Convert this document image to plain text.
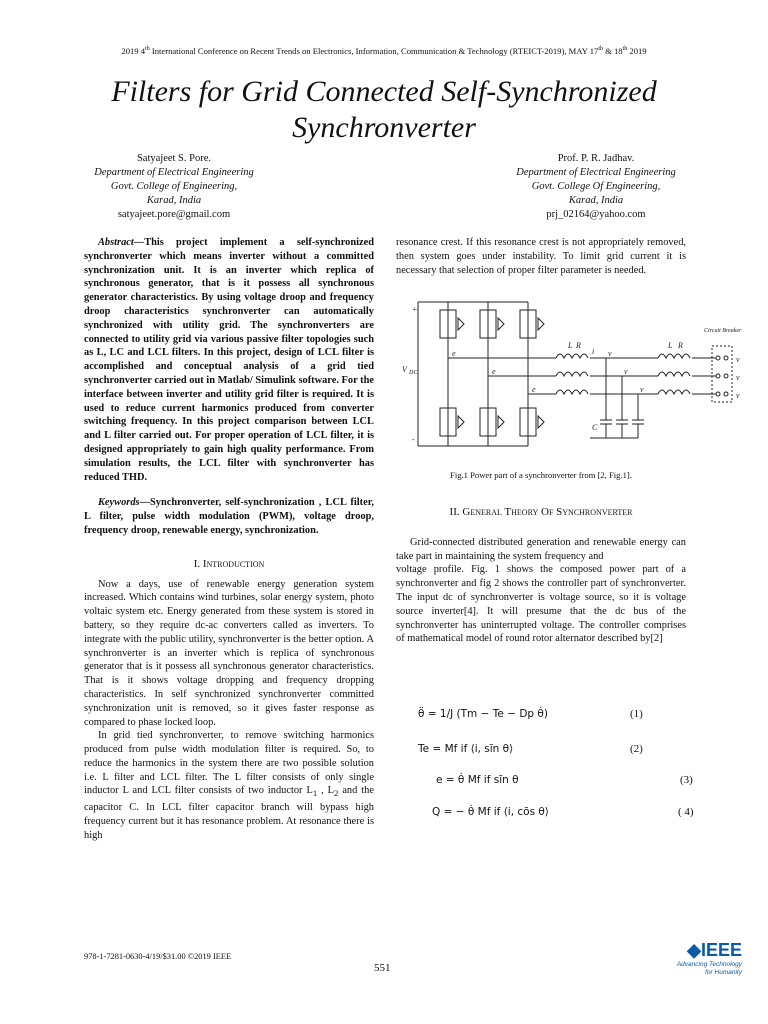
2019 4th International Conference on Recent Trends on Electronics, Information, Communication & Technology (RTEICT-2019), MAY 17th & 18th 2019
Filters for Grid Connected Self-Synchronized
Synchronverter
Satyajeet S. Pore.
Department of Electrical Engineering
Govt. College of Engineering,
Karad, India
satyajeet.pore@gmail.com
Prof. P. R. Jadhav.
Department of Electrical Engineering
Govt. College Of Engineering,
Karad, India
prj_02164@yahoo.com

Abstract—This project implement a self-synchronized synchronverter which means inverter without a committed synchronization unit. It is an inverter which replica of synchronous generator, that is it possess all synchronous generator characteristics. By using voltage droop and frequency droop characteristics synchronverter can automatically synchronized with utility grid. The synchronverters are connected to utility grid via various passive filter topologies such as L, LC and LCL filters. In this project, design of LCL filter is accomplished and conceptual analysis of a grid tied synchronverter carried out in Matlab/ Simulink software. For the interface between inverter and utility grid filter is required. It is used to reduce current harmonics produced from converter switching frequency. In this project comparison between LCL and L filter carried out. For proper operation of LCL filter, it is designed appropriately to gain high quality performance. From simulation results, the LCL filter with synchronverter has reduced THD.

Keywords—Synchronverter, self-synchronization , LCL filter, L filter, pulse width modulation (PWM), voltage droop, frequency droop, renewable energy, synchronization.

I. Introduction

Now a days, use of renewable energy generation system increased. Which contains wind turbines, solar energy system, photo voltaic system etc. Energy generated from these system is stored in battery, so they require dc-ac converters called as inverters. To integrate with the public utility, synchronverter is the better option. A synchronverter is an inverter which is replica of synchronous generator that is it possess all synchronous generator characteristics. That is it shows voltage dropping and frequency dropping characteristics. In self synchronized synchronverter committed synchronization unit is removed, so it gives faster response as compared to phase locked loop.

In grid tied synchronverter, to remove switching harmonics produced from pulse width modulation filter is required. So, to reduce the harmonics in the system there are two possible solution i.e. L filter and LCL filter. The L filter consists of only single inductor L and LCL filter consists of two inductor $L_1$ , $L_2$ and the capacitor C. In LCL filter capacitor branch will bypass high frequency current but it has resonance problem. At resonance there is high

resonance crest. If this resonance crest is not appropriately removed, then system goes under instability. To limit grid current it is necessary that selection of proper filter parameter is needed.

V DC
+
-
L R
i
e
e
e
v
v
v
L R
v
v
v
C
Circuit Breaker
Fig.1 Power part of a synchronverter from [2, Fig.1].

II. General Theory Of Synchronverter

Grid-connected distributed generation and renewable energy can take part in maintaining the system frequency and

voltage profile. Fig. 1 shows the composed power part of a synchronverter and fig 2 shows the controller part of synchronverter. The input dc of synchronverter is voltage source, so it is voltage source inverter[4]. It will presume that the dc bus of the synchronverter has uninterrupted voltage. The controller comprises of mathematical model of round rotor alternator described by[2]

θ̈ = 1/J (Tm − Te − Dp θ̇)	(1)
Te = Mf if ⟨i, sĩn θ⟩	(2)
e = θ̇ Mf if sĩn θ	(3)
Q = − θ̇ Mf if ⟨i, cõs θ⟩	( 4)
978-1-7281-0630-4/19/$31.00 ©2019 IEEE
551
◆IEEE
Advancing Technology
for Humanity
